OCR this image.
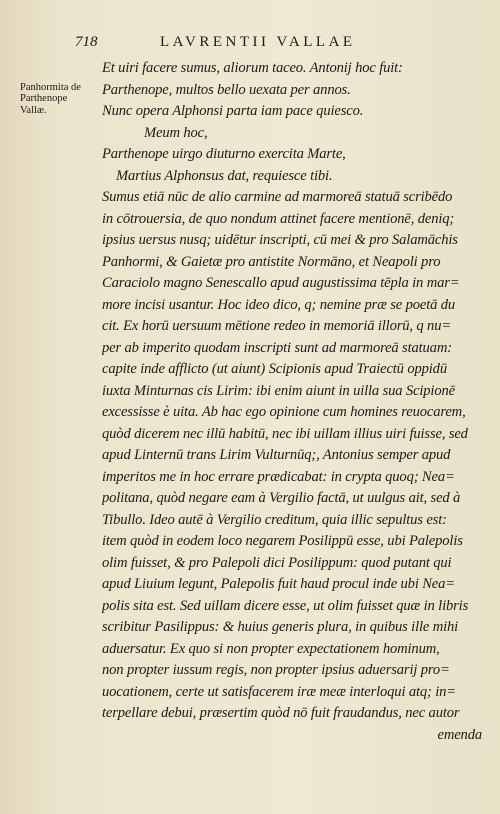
718	LAVRENTII VALLAE
Panhormita de Parthenope
Vallæ.
Et uiri facere sumus, aliorum taceo. Antonij hoc fuit:
Parthenope, multos bello uexata per annos.
Nunc opera Alphonsi parta iam pace quiesco.
Meum hoc,
Parthenope uirgo diuturno exercita Marte,
Martius Alphonsus dat, requiesce tibi.
Sumus etiā nūc de alio carmine ad marmoreā statuā scribēdo
in cōtrouersia, de quo nondum attinet facere mentionē, deniq;
ipsius uersus nusq; uidētur inscripti, cū mei & pro Salamāchis
Panhormi, & Gaietæ pro antistite Normāno, et Neapoli pro
Caraciolo magno Senescallo apud augustissima tēpla in mar=
more incisi usantur. Hoc ideo dico, q; nemine præ se poetā du
cit. Ex horū uersuum mētione redeo in memoriā illorū, q nu=
per ab imperito quodam inscripti sunt ad marmoreā statuam:
capite inde afflicto (ut aiunt) Scipionis apud Traiectū oppidū
iuxta Minturnas cis Lirim: ibi enim aiunt in uilla sua Scipionē
excessisse è uita. Ab hac ego opinione cum homines reuocarem,
quòd dicerem nec illū habitū, nec ibi uillam illius uiri fuisse, sed
apud Linternū trans Lirim Vulturnūq;, Antonius semper apud
imperitos me in hoc errare prædicabat: in crypta quoq; Nea=
politana, quòd negare eam à Vergilio factā, ut uulgus ait, sed à
Tibullo. Ideo autē à Vergilio creditum, quia illic sepultus est:
item quòd in eodem loco negarem Posilippū esse, ubi Palepolis
olim fuisset, & pro Palepoli dici Posilippum: quod putant qui
apud Liuium legunt, Palepolis fuit haud procul inde ubi Nea=
polis sita est. Sed uillam dicere esse, ut olim fuisset quæ in libris
scribitur Pasilippus: & huius generis plura, in quibus ille mihi
aduersatur. Ex quo si non propter expectationem hominum,
non propter iussum regis, non propter ipsius aduersarij pro=
uocationem, certe ut satisfacerem iræ meæ interloqui atq; in=
terpellare debui, præsertim quòd nō fuit fraudandus, nec autor
emenda
